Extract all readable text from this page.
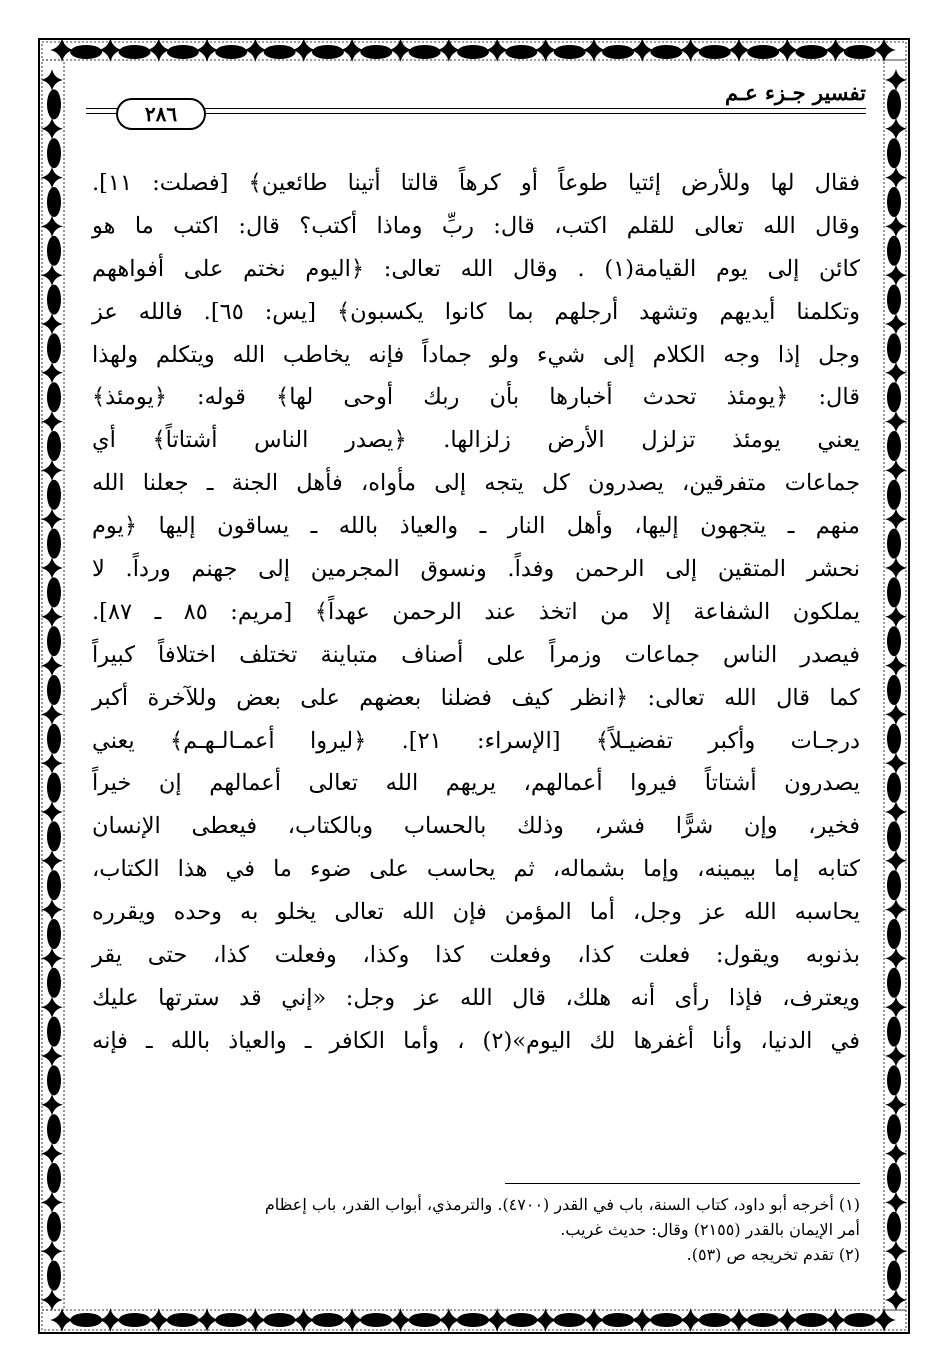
تفسير جـزء عـم
٢٨٦
فقال لها وللأرض إئتيا طوعاً أو كرهاً قالتا أتينا طائعين﴾ [فصلت: ١١].
وقال الله تعالى للقلم اكتب، قال: ربِّ وماذا أكتب؟ قال: اكتب ما هو
كائن إلى يوم القيامة(١) . وقال الله تعالى: ﴿اليوم نختم على أفواههم
وتكلمنا أيديهم وتشهد أرجلهم بما كانوا يكسبون﴾ [يس: ٦٥]. فالله عز
وجل إذا وجه الكلام إلى شيء ولو جماداً فإنه يخاطب الله ويتكلم ولهذا
قال: ﴿يومئذ تحدث أخبارها بأن ربك أوحى لها﴾ قوله: ﴿يومئذ﴾
يعني يومئذ تزلزل الأرض زلزالها. ﴿يصدر الناس أشتاتاً﴾ أي
جماعات متفرقين، يصدرون كل يتجه إلى مأواه، فأهل الجنة ـ جعلنا الله
منهم ـ يتجهون إليها، وأهل النار ـ والعياذ بالله ـ يساقون إليها ﴿يوم
نحشر المتقين إلى الرحمن وفداً. ونسوق المجرمين إلى جهنم ورداً. لا
يملكون الشفاعة إلا من اتخذ عند الرحمن عهداً﴾ [مريم: ٨٥ ـ ٨٧].
فيصدر الناس جماعات وزمراً على أصناف متباينة تختلف اختلافاً كبيراً
كما قال الله تعالى: ﴿انظر كيف فضلنا بعضهم على بعض وللآخرة أكبر
درجـات وأكبر تفضيـلاً﴾ [الإسراء: ٢١]. ﴿ليروا أعمـالـهـم﴾ يعني
يصدرون أشتاتاً فيروا أعمالهم، يريهم الله تعالى أعمالهم إن خيراً
فخير، وإن شرًّا فشر، وذلك بالحساب وبالكتاب، فيعطى الإنسان
كتابه إما بيمينه، وإما بشماله، ثم يحاسب على ضوء ما في هذا الكتاب،
يحاسبه الله عز وجل، أما المؤمن فإن الله تعالى يخلو به وحده ويقرره
بذنوبه ويقول: فعلت كذا، وفعلت كذا وكذا، وفعلت كذا، حتى يقر
ويعترف، فإذا رأى أنه هلك، قال الله عز وجل: «إني قد سترتها عليك
في الدنيا، وأنا أغفرها لك اليوم»(٢) ، وأما الكافر ـ والعياذ بالله ـ فإنه
(١) أخرجه أبو داود، كتاب السنة، باب في القدر (٤٧٠٠). والترمذي، أبواب القدر، باب إعظام
أمر الإيمان بالقدر (٢١٥٥) وقال: حديث غريب.
(٢) تقدم تخريجه ص (٥٣).
